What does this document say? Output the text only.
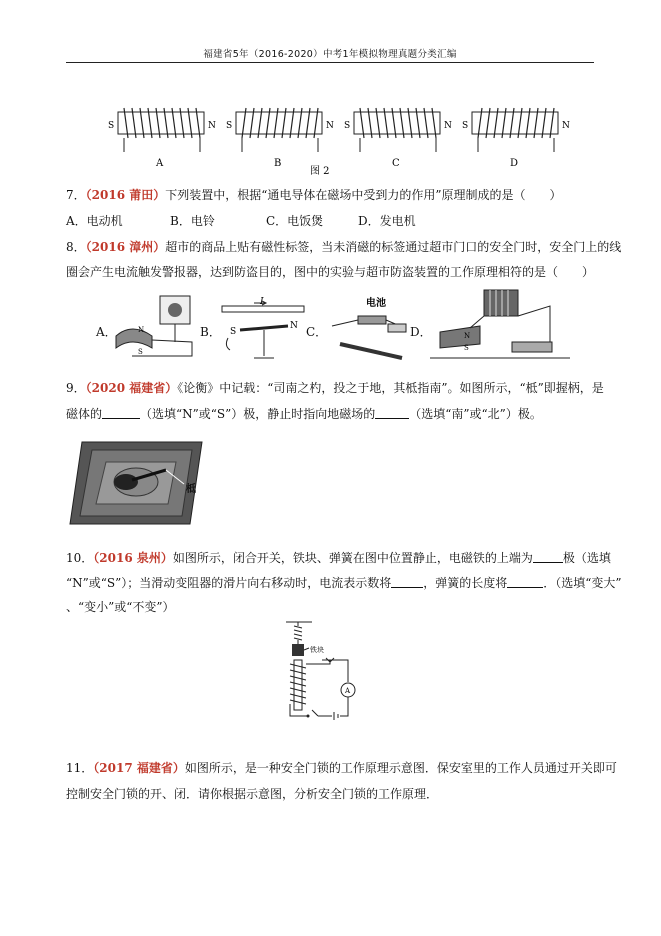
福建省5年（2016-2020）中考1年模拟物理真题分类汇编
S	N
A
S	N
B
S	N
C
S	N
D
图 2
7．（2016 莆田）下列装置中，根据“通电导体在磁场中受到力的作用”原理制成的是（　　）
A．电动机	B．电铃	C．电饭煲	D．发电机
8．（2016 漳州）超市的商品上贴有磁性标签，当未消磁的标签通过超市门口的安全门时，安全门上的线
圈会产生电流触发警报器，达到防盗目的，图中的实验与超市防盗装置的工作原理相符的是（　　）
A．	N
S
B．
I
S
N C．
电池
D．	N
S
9．（2020 福建省）《论衡》中记载：“司南之杓，投之于地，其柢指南”。如图所示，“柢”即握柄，是
磁体的	（选填“N”或“S”）极，静止时指向地磁场的	（选填“南”或“北”）极。
柢
10．（2016 泉州）如图所示，闭合开关，铁块、弹簧在图中位置静止，电磁铁的上端为	极（选填
“N”或“S”）；当滑动变阻器的滑片向右移动时，电流表示数将	，弹簧的长度将	．（选填“变大”
、“变小”或“不变”）
铁块
A
11．（2017 福建省）如图所示，是一种安全门锁的工作原理示意图．保安室里的工作人员通过开关即可
控制安全门锁的开、闭．请你根据示意图，分析安全门锁的工作原理．
